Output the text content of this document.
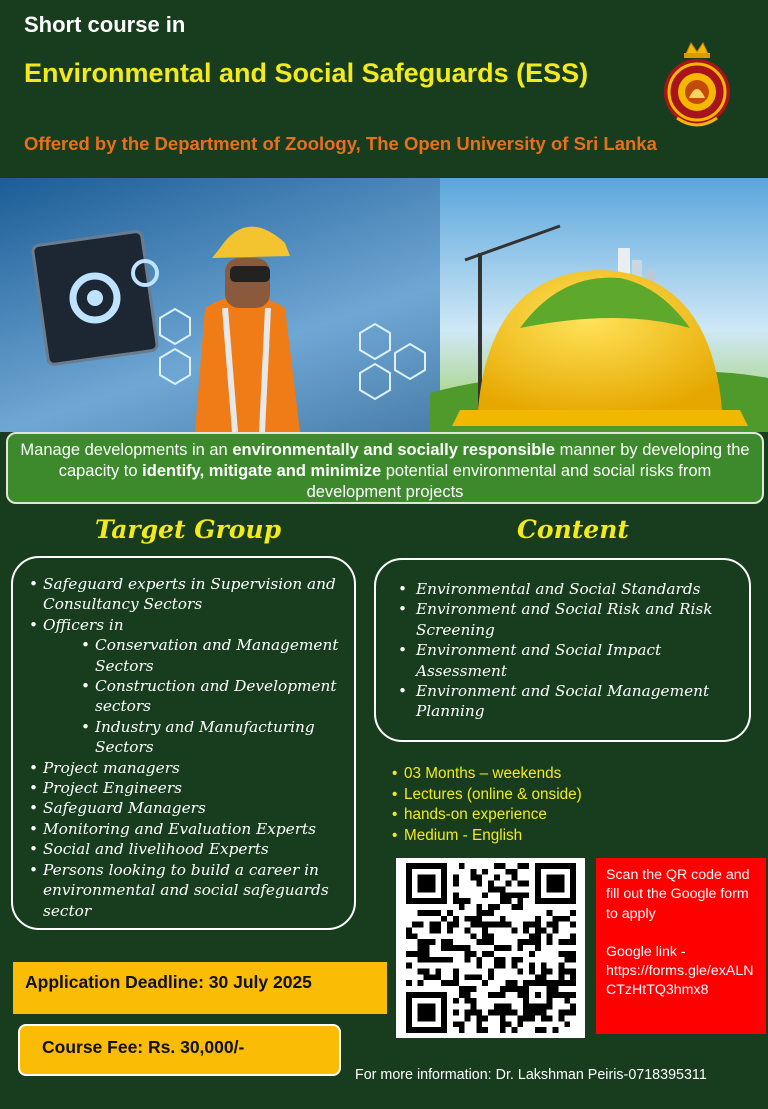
Short course in
Environmental and Social Safeguards (ESS)
Offered by the Department of Zoology, The Open University of Sri Lanka
Manage developments in an environmentally and socially responsible manner by developing the capacity to identify, mitigate and minimize potential environmental and social risks from development projects
Target Group
• Safeguard experts in Supervision and Consultancy Sectors
• Officers in
• Conservation and Management Sectors
• Construction and Development sectors
• Industry and Manufacturing Sectors
• Project managers
• Project Engineers
• Safeguard Managers
• Monitoring and Evaluation Experts
• Social and livelihood Experts
• Persons looking to build a career in environmental and social safeguards sector
Content
• Environmental and Social Standards
• Environment and Social Risk and Risk Screening
• Environment and Social Impact Assessment
• Environment and Social Management Planning
• 03 Months – weekends
• Lectures (online & onside)
• hands-on experience
• Medium - English

Scan the QR code and fill out the Google form to apply

Google link -

https://forms.gle/exALNCTzHtTQ3hmx8

Application Deadline: 30 July 2025
Course Fee: Rs. 30,000/-
For more information: Dr. Lakshman Peiris-0718395311
